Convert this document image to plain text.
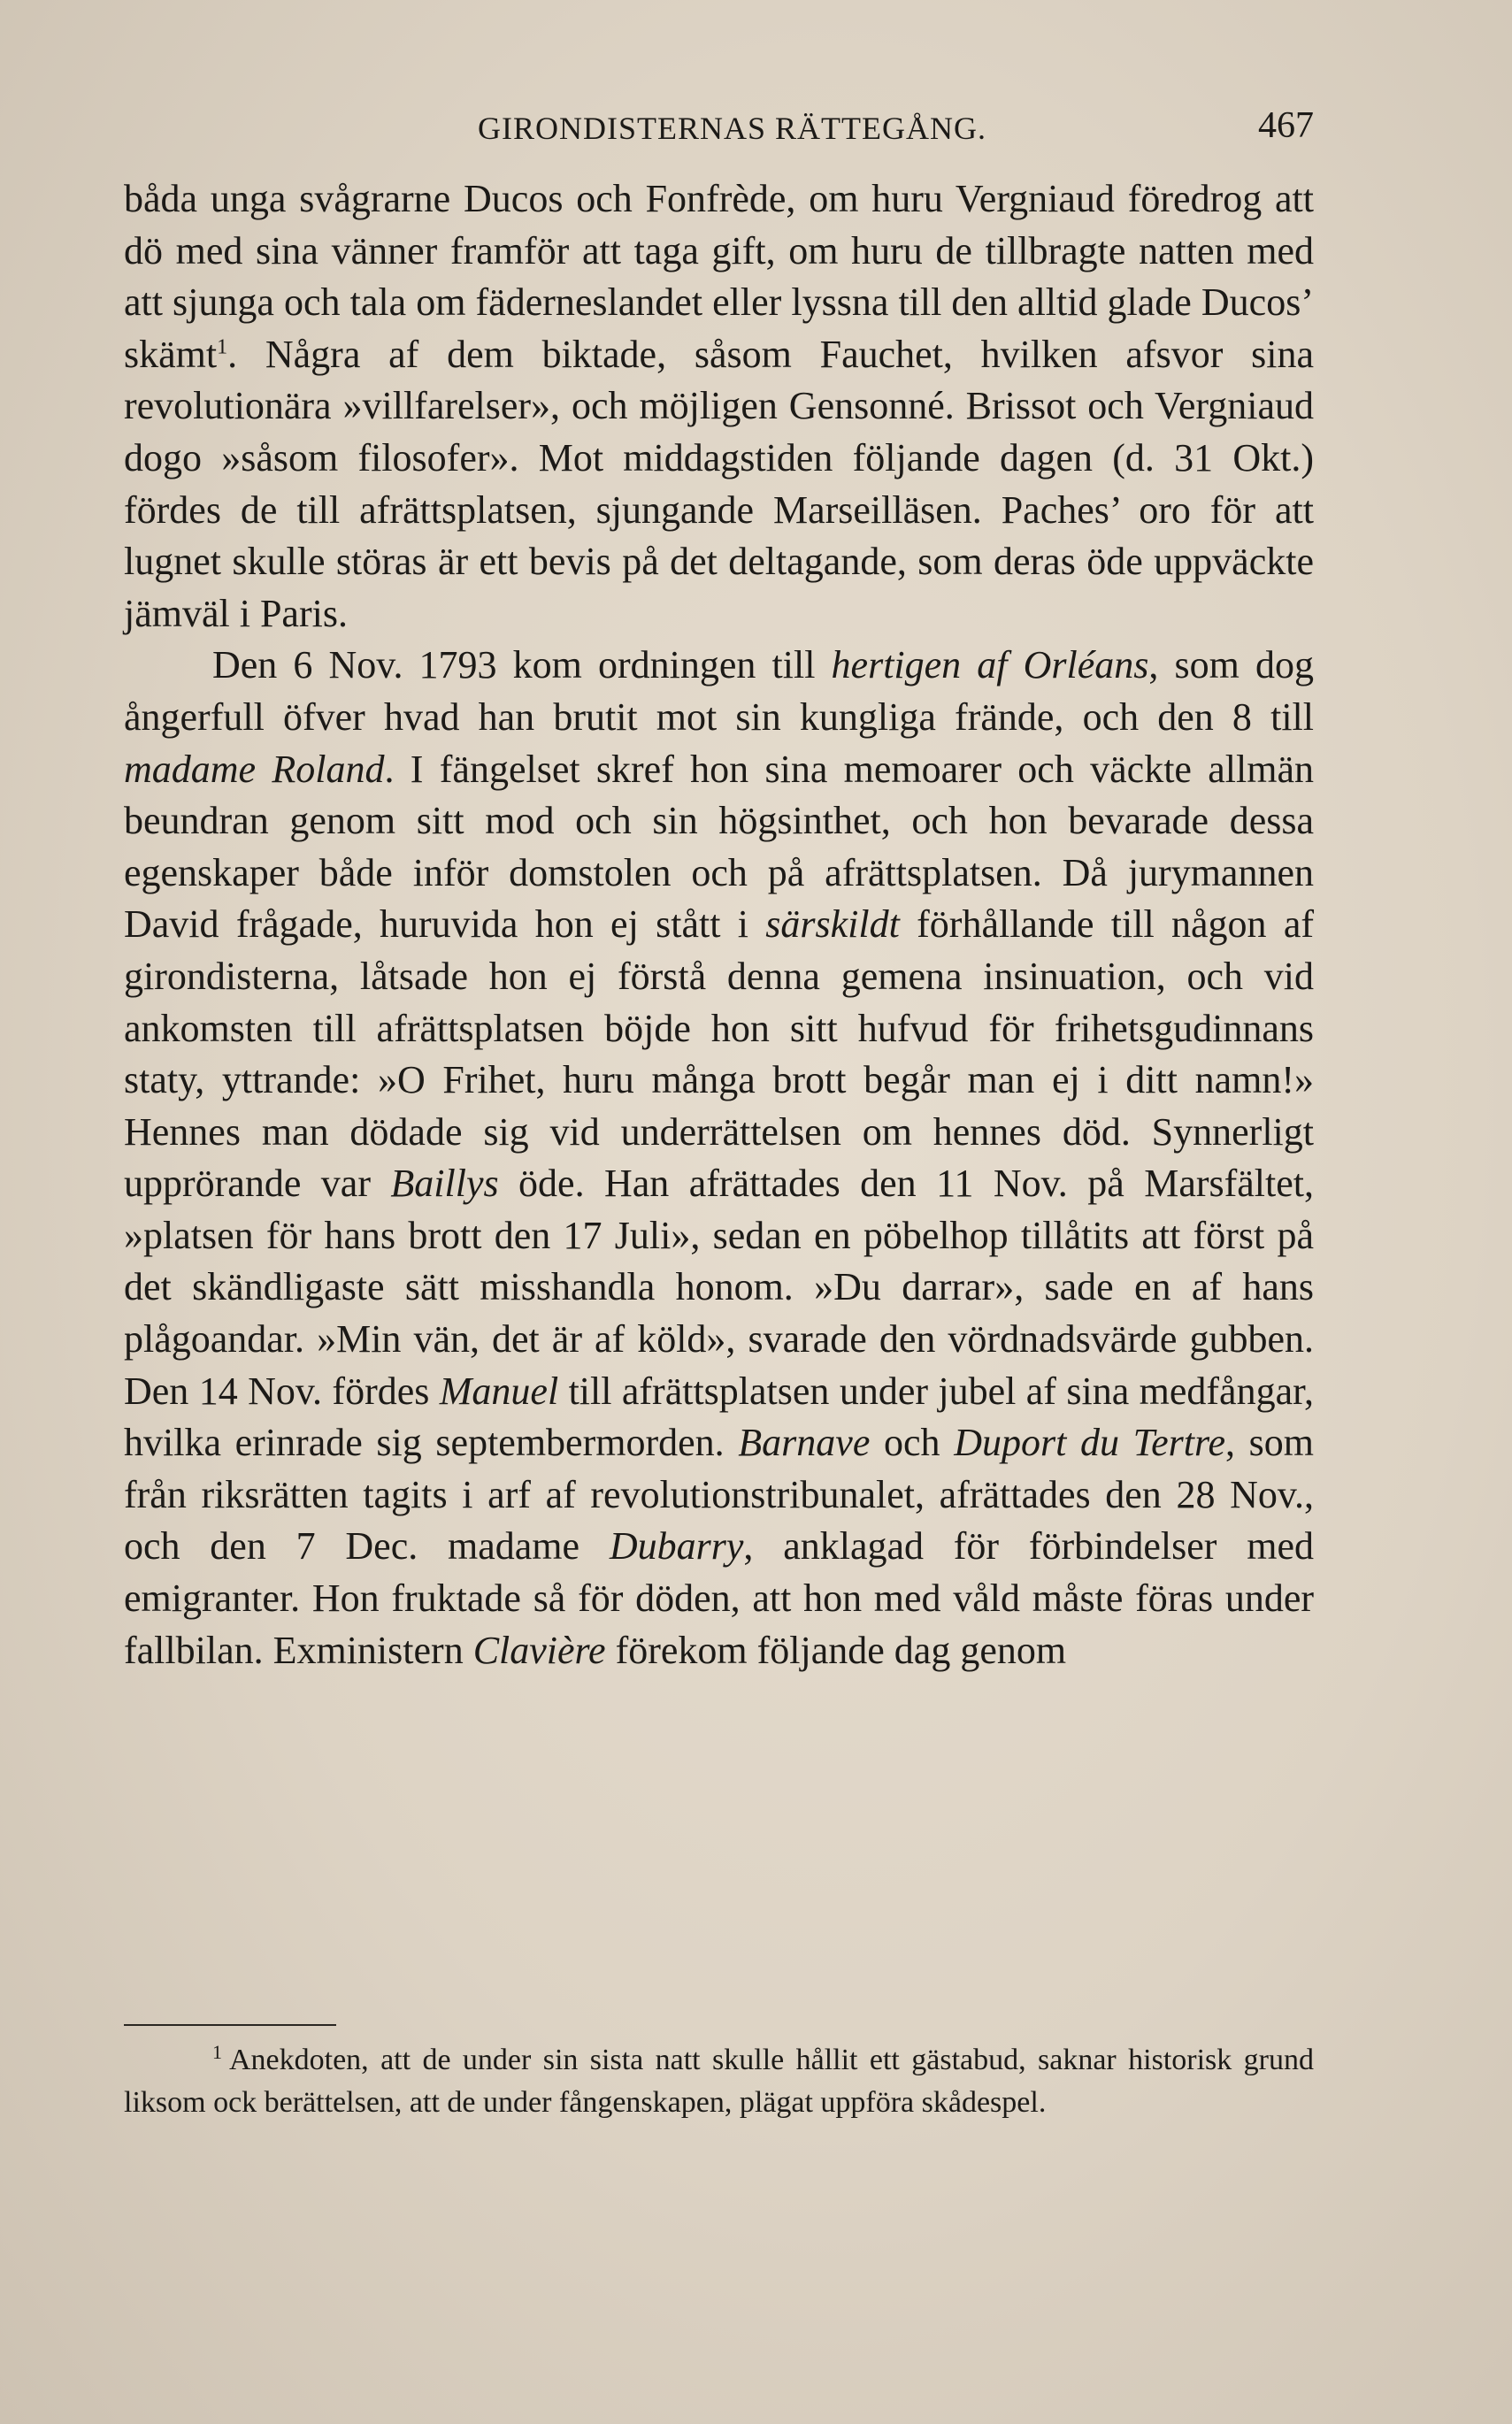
GIRONDISTERNAS RÄTTEGÅNG.	467

båda unga svågrarne Ducos och Fonfrède, om huru Vergniaud föredrog att dö med sina vänner framför att taga gift, om huru de tillbragte natten med att sjunga och tala om fäderneslandet eller lyssna till den alltid glade Ducos’ skämt$^1$. Några af dem biktade, såsom Fauchet, hvilken afsvor sina revolutionära »villfarelser», och möjligen Gensonné. Brissot och Vergniaud dogo »såsom filosofer». Mot middagstiden följande dagen (d. 31 Okt.) fördes de till afrättsplatsen, sjungande Marseilläsen. Paches’ oro för att lugnet skulle störas är ett bevis på det deltagande, som deras öde uppväckte jämväl i Paris.

Den 6 Nov. 1793 kom ordningen till hertigen af Orléans, som dog ångerfull öfver hvad han brutit mot sin kungliga frände, och den 8 till madame Roland. I fängelset skref hon sina memoarer och väckte allmän beundran genom sitt mod och sin högsinthet, och hon bevarade dessa egenskaper både inför domstolen och på afrättsplatsen. Då jurymannen David frågade, huruvida hon ej stått i särskildt förhållande till någon af girondisterna, låtsade hon ej förstå denna gemena insinuation, och vid ankomsten till afrättsplatsen böjde hon sitt hufvud för frihetsgudinnans staty, yttrande: »O Frihet, huru många brott begår man ej i ditt namn!» Hennes man dödade sig vid underrättelsen om hennes död. Synnerligt upprörande var Baillys öde. Han afrättades den 11 Nov. på Marsfältet, »platsen för hans brott den 17 Juli», sedan en pöbelhop tillåtits att först på det skändligaste sätt misshandla honom. »Du darrar», sade en af hans plågoandar. »Min vän, det är af köld», svarade den vördnadsvärde gubben. Den 14 Nov. fördes Manuel till afrättsplatsen under jubel af sina medfångar, hvilka erinrade sig septembermorden. Barnave och Duport du Tertre, som från riksrätten tagits i arf af revolutionstribunalet, afrättades den 28 Nov., och den 7 Dec. madame Dubarry, anklagad för förbindelser med emigranter. Hon fruktade så för döden, att hon med våld måste föras under fallbilan. Exministern Clavière förekom följande dag genom

$^1$ Anekdoten, att de under sin sista natt skulle hållit ett gästabud, saknar historisk grund liksom ock berättelsen, att de under fångenskapen, plägat uppföra skådespel.
